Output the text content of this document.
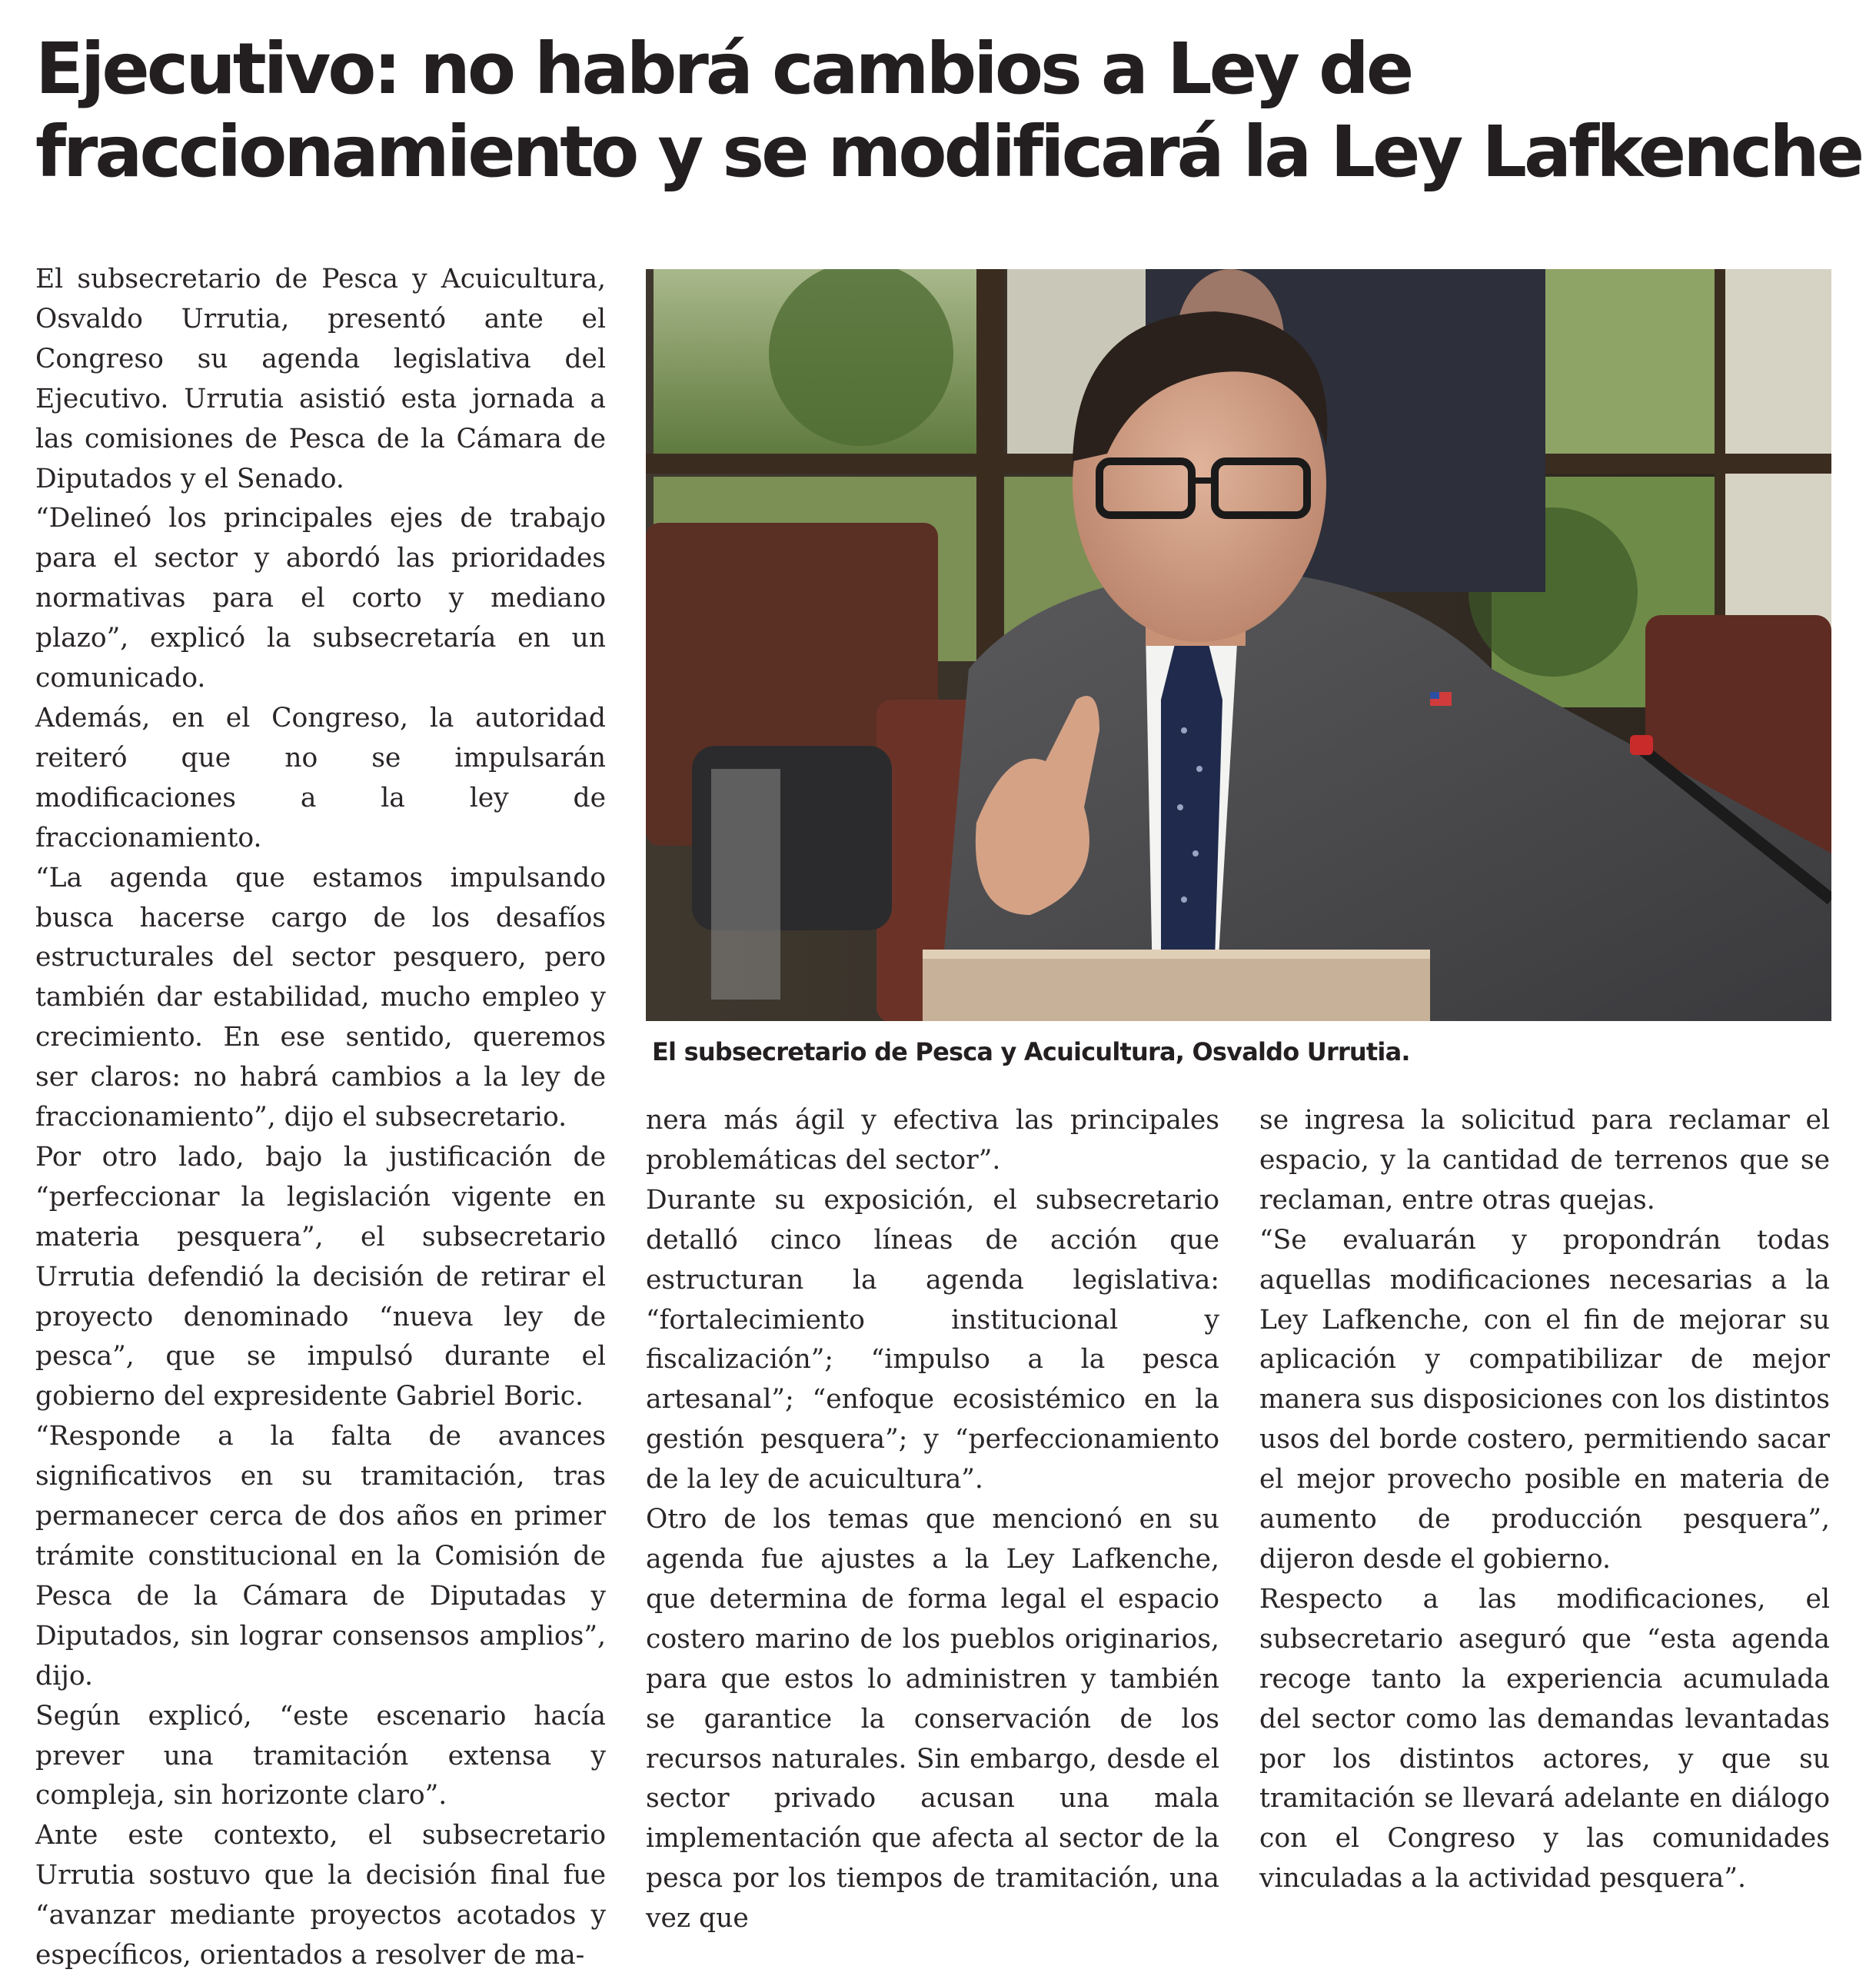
Ejecutivo: no habrá cambios a Ley de
fraccionamiento y se modificará la Ley Lafkenche

El subsecretario de Pesca y Acuicultura, Osvaldo Urrutia, presentó ante el Congreso su agenda legislativa del Ejecutivo. Urrutia asistió esta jornada a las comisiones de Pesca de la Cámara de Diputados y el Senado.

“Delineó los principales ejes de trabajo para el sector y abordó las prioridades normativas para el corto y mediano plazo”, explicó la subsecretaría en un comunicado.

Además, en el Congreso, la autoridad reiteró que no se impulsarán modificaciones a la ley de fraccionamiento.

“La agenda que estamos impulsando busca hacerse cargo de los desafíos estructurales del sector pesquero, pero también dar estabilidad, mucho empleo y crecimiento. En ese sentido, queremos ser claros: no habrá cambios a la ley de fraccionamiento”, dijo el subsecretario.

Por otro lado, bajo la justificación de “perfeccionar la legislación vigente en materia pesquera”, el subsecretario Urrutia defendió la decisión de retirar el proyecto denominado “nueva ley de pesca”, que se impulsó durante el gobierno del expresidente Gabriel Boric.

“Responde a la falta de avances significativos en su tramitación, tras permanecer cerca de dos años en primer trámite constitucional en la Comisión de Pesca de la Cámara de Diputadas y Diputados, sin lograr consensos amplios”, dijo.

Según explicó, “este escenario hacía prever una tramitación extensa y compleja, sin horizonte claro”.

Ante este contexto, el subsecretario Urrutia sostuvo que la decisión final fue “avanzar mediante proyectos acotados y específicos, orientados a resolver de ma-

El subsecretario de Pesca y Acuicultura, Osvaldo Urrutia.

nera más ágil y efectiva las principales problemáticas del sector”.

Durante su exposición, el subsecretario detalló cinco líneas de acción que estructuran la agenda legislativa: “fortalecimiento institucional y fiscalización”; “impulso a la pesca artesanal”; “enfoque ecosistémico en la gestión pesquera”; y “perfeccionamiento de la ley de acuicultura”.

Otro de los temas que mencionó en su agenda fue ajustes a la Ley Lafkenche, que determina de forma legal el espacio costero marino de los pueblos originarios, para que estos lo administren y también se garantice la conservación de los recursos naturales. Sin embargo, desde el sector privado acusan una mala implementación que afecta al sector de la pesca por los tiempos de tramitación, una vez que

se ingresa la solicitud para reclamar el espacio, y la cantidad de terrenos que se reclaman, entre otras quejas.

“Se evaluarán y propondrán todas aquellas modificaciones necesarias a la Ley Lafkenche, con el fin de mejorar su aplicación y compatibilizar de mejor manera sus disposiciones con los distintos usos del borde costero, permitiendo sacar el mejor provecho posible en materia de aumento de producción pesquera”, dijeron desde el gobierno.

Respecto a las modificaciones, el subsecretario aseguró que “esta agenda recoge tanto la experiencia acumulada del sector como las demandas levantadas por los distintos actores, y que su tramitación se llevará adelante en diálogo con el Congreso y las comunidades vinculadas a la actividad pesquera”.
